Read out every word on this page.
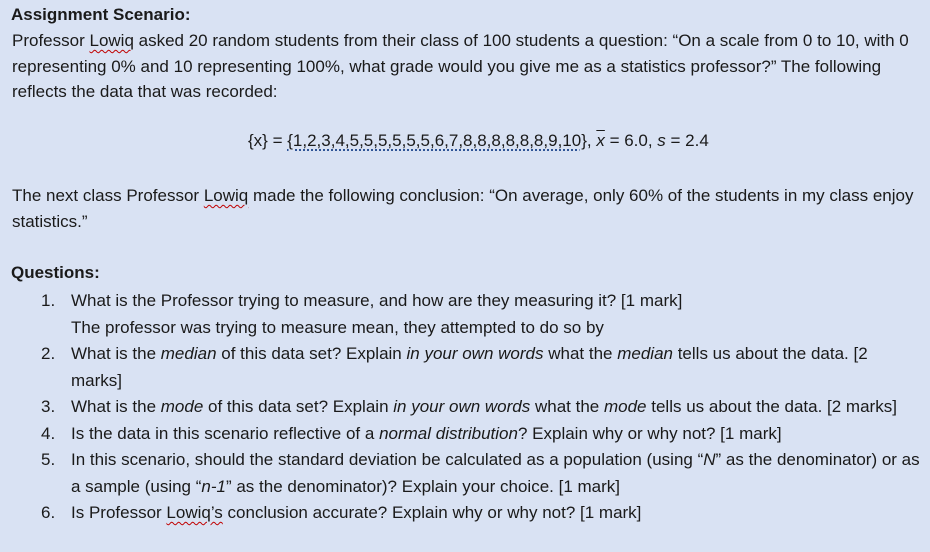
Assignment Scenario:
Professor Lowiq asked 20 random students from their class of 100 students a question: “On a scale from 0 to 10, with 0 representing 0% and 10 representing 100%, what grade would you give me as a statistics professor?” The following reflects the data that was recorded:
{x} = {1,2,3,4,5,5,5,5,5,5,6,7,8,8,8,8,8,8,9,10}, $\overline{x} = 6.0$, s = 2.4
The next class Professor Lowiq made the following conclusion: “On average, only 60% of the students in my class enjoy statistics.”
Questions:
1. What is the Professor trying to measure, and how are they measuring it? [1 mark]
The professor was trying to measure mean, they attempted to do so by
2. What is the median of this data set? Explain in your own words what the median tells us about the data. [2 marks]
3. What is the mode of this data set? Explain in your own words what the mode tells us about the data. [2 marks]
4. Is the data in this scenario reflective of a normal distribution? Explain why or why not? [1 mark]
5. In this scenario, should the standard deviation be calculated as a population (using “N” as the denominator) or as a sample (using “n-1” as the denominator)? Explain your choice. [1 mark]
6. Is Professor Lowiq’s conclusion accurate? Explain why or why not? [1 mark]
